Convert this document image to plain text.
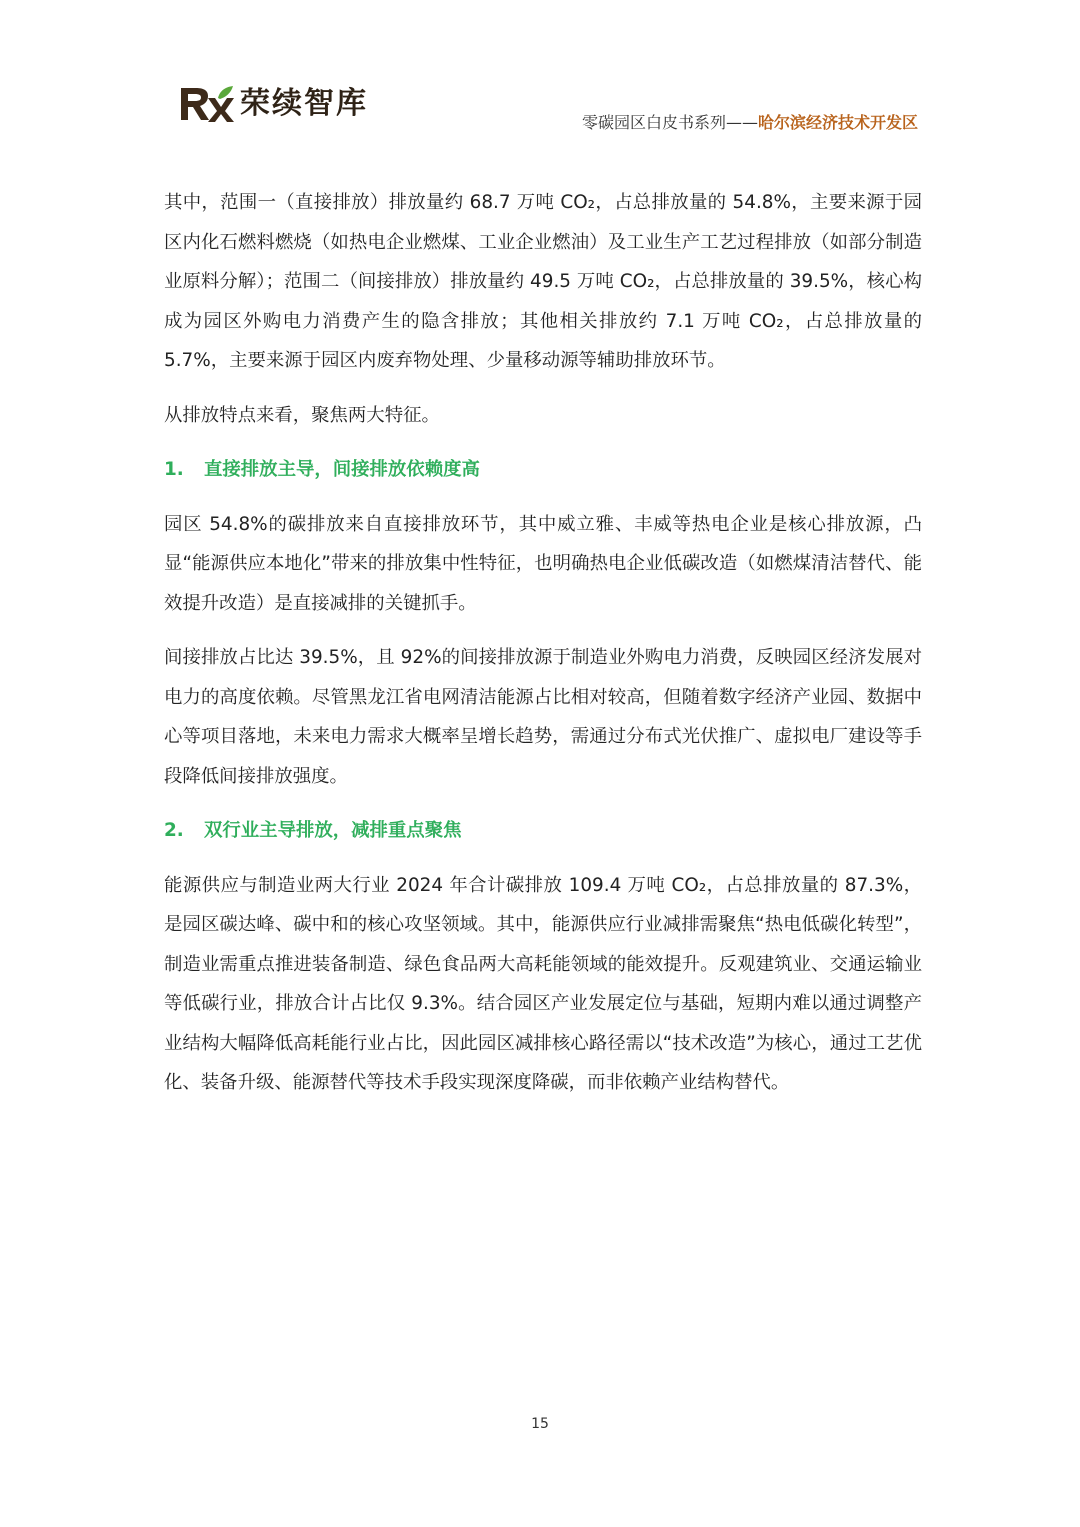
荣续智库
零碳园区白皮书系列——哈尔滨经济技术开发区

其中，范围一（直接排放）排放量约 68.7 万吨 CO₂，占总排放量的 54.8%，主要来源于园区内化石燃料燃烧（如热电企业燃煤、工业企业燃油）及工业生产工艺过程排放（如部分制造业原料分解）；范围二（间接排放）排放量约 49.5 万吨 CO₂，占总排放量的 39.5%，核心构成为园区外购电力消费产生的隐含排放；其他相关排放约 7.1 万吨 CO₂，占总排放量的 5.7%，主要来源于园区内废弃物处理、少量移动源等辅助排放环节。

从排放特点来看，聚焦两大特征。

1.	直接排放主导，间接排放依赖度高

园区 54.8%的碳排放来自直接排放环节，其中威立雅、丰威等热电企业是核心排放源，凸显“能源供应本地化”带来的排放集中性特征，也明确热电企业低碳改造（如燃煤清洁替代、能效提升改造）是直接减排的关键抓手。

间接排放占比达 39.5%，且 92%的间接排放源于制造业外购电力消费，反映园区经济发展对电力的高度依赖。尽管黑龙江省电网清洁能源占比相对较高，但随着数字经济产业园、数据中心等项目落地，未来电力需求大概率呈增长趋势，需通过分布式光伏推广、虚拟电厂建设等手段降低间接排放强度。

2.	双行业主导排放，减排重点聚焦

能源供应与制造业两大行业 2024 年合计碳排放 109.4 万吨 CO₂，占总排放量的 87.3%，是园区碳达峰、碳中和的核心攻坚领域。其中，能源供应行业减排需聚焦“热电低碳化转型”，制造业需重点推进装备制造、绿色食品两大高耗能领域的能效提升。反观建筑业、交通运输业等低碳行业，排放合计占比仅 9.3%。结合园区产业发展定位与基础，短期内难以通过调整产业结构大幅降低高耗能行业占比，因此园区减排核心路径需以“技术改造”为核心，通过工艺优化、装备升级、能源替代等技术手段实现深度降碳，而非依赖产业结构替代。

15
